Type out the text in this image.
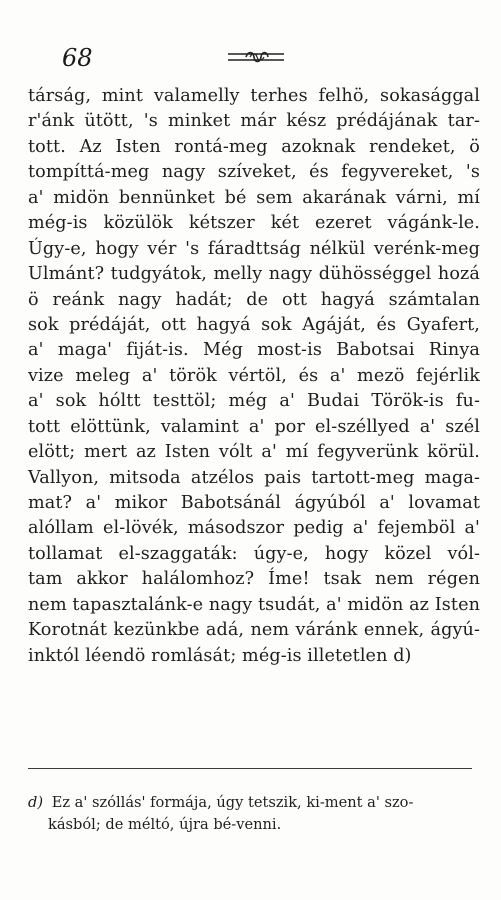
68
társág, mint valamelly terhes felhö, sokasággal
r'ánk ütött, 's minket már kész prédájának tar-
tott. Az Isten rontá-meg azoknak rendeket, ö
tompíttá-meg nagy szíveket, és fegyvereket, 's
a' midön bennünket bé sem akarának várni, mí
még-is közülök kétszer két ezeret vágánk-le.
Úgy-e, hogy vér 's fáradttság nélkül verénk-meg
Ulmánt? tudgyátok, melly nagy dühösséggel hozá
ö reánk nagy hadát; de ott hagyá számtalan
sok prédáját, ott hagyá sok Agáját, és Gyafert,
a' maga' fiját-is. Még most-is Babotsai Rinya
vize meleg a' török vértöl, és a' mezö fejérlik
a' sok hóltt testtöl; még a' Budai Török-is fu-
tott elöttünk, valamint a' por el-széllyed a' szél
elött; mert az Isten vólt a' mí fegyverünk körül.
Vallyon, mitsoda atzélos pais tartott-meg maga-
mat? a' mikor Babotsánál ágyúból a' lovamat
alóllam el-lövék, másodszor pedig a' fejemböl a'
tollamat el-szaggaták: úgy-e, hogy közel vól-
tam akkor halálomhoz? Íme! tsak nem régen
nem tapasztalánk-e nagy tsudát, a' midön az Isten
Korotnát kezünkbe adá, nem váránk ennek, ágyú-
inktól léendö romlását; még-is illetetlen d)
d) Ez a' szóllás' formája, úgy tetszik, ki-ment a' szo-
kásból; de méltó, újra bé-venni.
